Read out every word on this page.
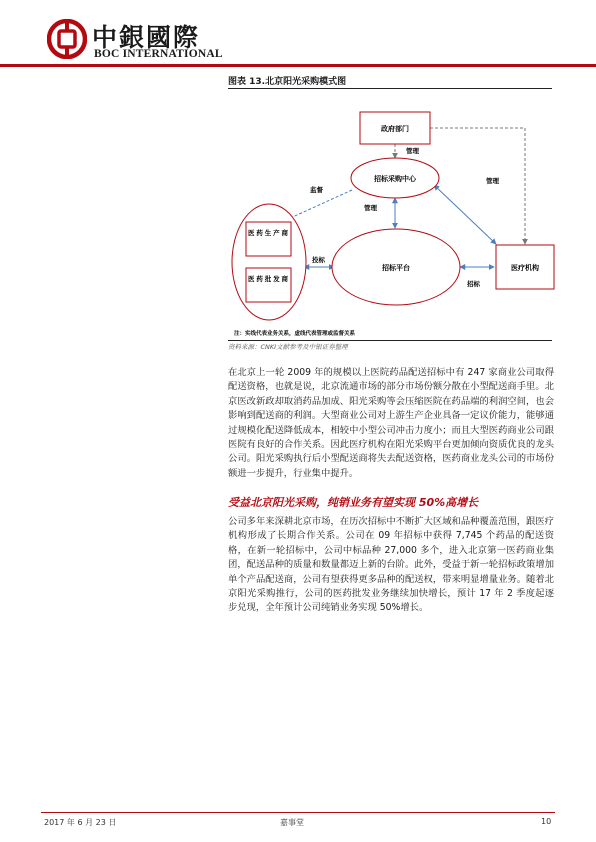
中銀國際
BOC INTERNATIONAL
图表 13.北京阳光采购模式图
政府部门
招标采购中心
医药生产商
医药批发商
招标平台	医疗机构
管理
管理
监督
管理
投标
招标
注：实线代表业务关系，虚线代表管理或监督关系
资料来源：CNKI文献参考及中银证券整理

在北京上一轮 2009 年的规模以上医院药品配送招标中有 247 家商业公司取得配送资格，也就是说，北京流通市场的部分市场份额分散在小型配送商手里。北京医改新政却取消药品加成、阳光采购等会压缩医院在药品端的利润空间，也会影响到配送商的利润。大型商业公司对上游生产企业具备一定议价能力，能够通过规模化配送降低成本，相较中小型公司冲击力度小；而且大型医药商业公司跟医院有良好的合作关系。因此医疗机构在阳光采购平台更加倾向资质优良的龙头公司。阳光采购执行后小型配送商将失去配送资格，医药商业龙头公司的市场份额进一步提升，行业集中提升。

受益北京阳光采购，纯销业务有望实现 50%高增长

公司多年来深耕北京市场，在历次招标中不断扩大区域和品种覆盖范围，跟医疗机构形成了长期合作关系。公司在 09 年招标中获得 7,745 个药品的配送资格，在新一轮招标中，公司中标品种 27,000 多个，进入北京第一医药商业集团，配送品种的质量和数量都迈上新的台阶。此外，受益于新一轮招标政策增加单个产品配送商，公司有望获得更多品种的配送权，带来明显增量业务。随着北京阳光采购推行，公司的医药批发业务继续加快增长，预计 17 年 2 季度起逐步兑现，全年预计公司纯销业务实现 50%增长。

2017 年 6 月 23 日	嘉事堂	10
